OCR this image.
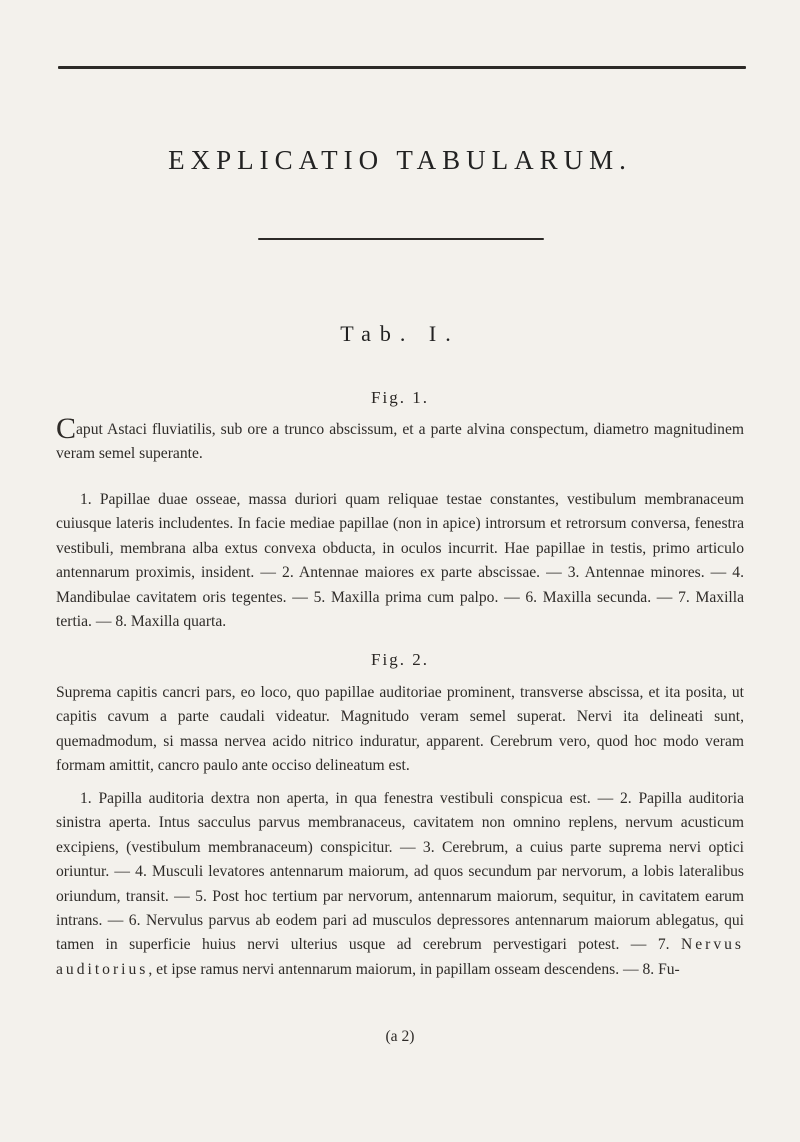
EXPLICATIO TABULARUM.
Tab. I.
Fig. 1.

Caput Astaci fluviatilis, sub ore a trunco abscissum, et a parte alvina conspectum, diametro magnitudinem veram semel superante.

1. Papillae duae osseae, massa duriori quam reliquae testae constantes, vestibulum membranaceum cuiusque lateris includentes. In facie mediae papillae (non in apice) introrsum et retrorsum conversa, fenestra vestibuli, membrana alba extus convexa obducta, in oculos incurrit. Hae papillae in testis, primo articulo antennarum proximis, insident. — 2. Antennae maiores ex parte abscissae. — 3. Antennae minores. — 4. Mandibulae cavitatem oris tegentes. — 5. Maxilla prima cum palpo. — 6. Maxilla secunda. — 7. Maxilla tertia. — 8. Maxilla quarta.

Fig. 2.

Suprema capitis cancri pars, eo loco, quo papillae auditoriae prominent, transverse abscissa, et ita posita, ut capitis cavum a parte caudali videatur. Magnitudo veram semel superat. Nervi ita delineati sunt, quemadmodum, si massa nervea acido nitrico induratur, apparent. Cerebrum vero, quod hoc modo veram formam amittit, cancro paulo ante occiso delineatum est.

1. Papilla auditoria dextra non aperta, in qua fenestra vestibuli conspicua est. — 2. Papilla auditoria sinistra aperta. Intus sacculus parvus membranaceus, cavitatem non omnino replens, nervum acusticum excipiens, (vestibulum membranaceum) conspicitur. — 3. Cerebrum, a cuius parte suprema nervi optici oriuntur. — 4. Musculi levatores antennarum maiorum, ad quos secundum par nervorum, a lobis lateralibus oriundum, transit. — 5. Post hoc tertium par nervorum, antennarum maiorum, sequitur, in cavitatem earum intrans. — 6. Nervulus parvus ab eodem pari ad musculos depressores antennarum maiorum ablegatus, qui tamen in superficie huius nervi ulterius usque ad cerebrum pervestigari potest. — 7. Nervus auditorius, et ipse ramus nervi antennarum maiorum, in papillam osseam descendens. — 8. Fu-

(a 2)
